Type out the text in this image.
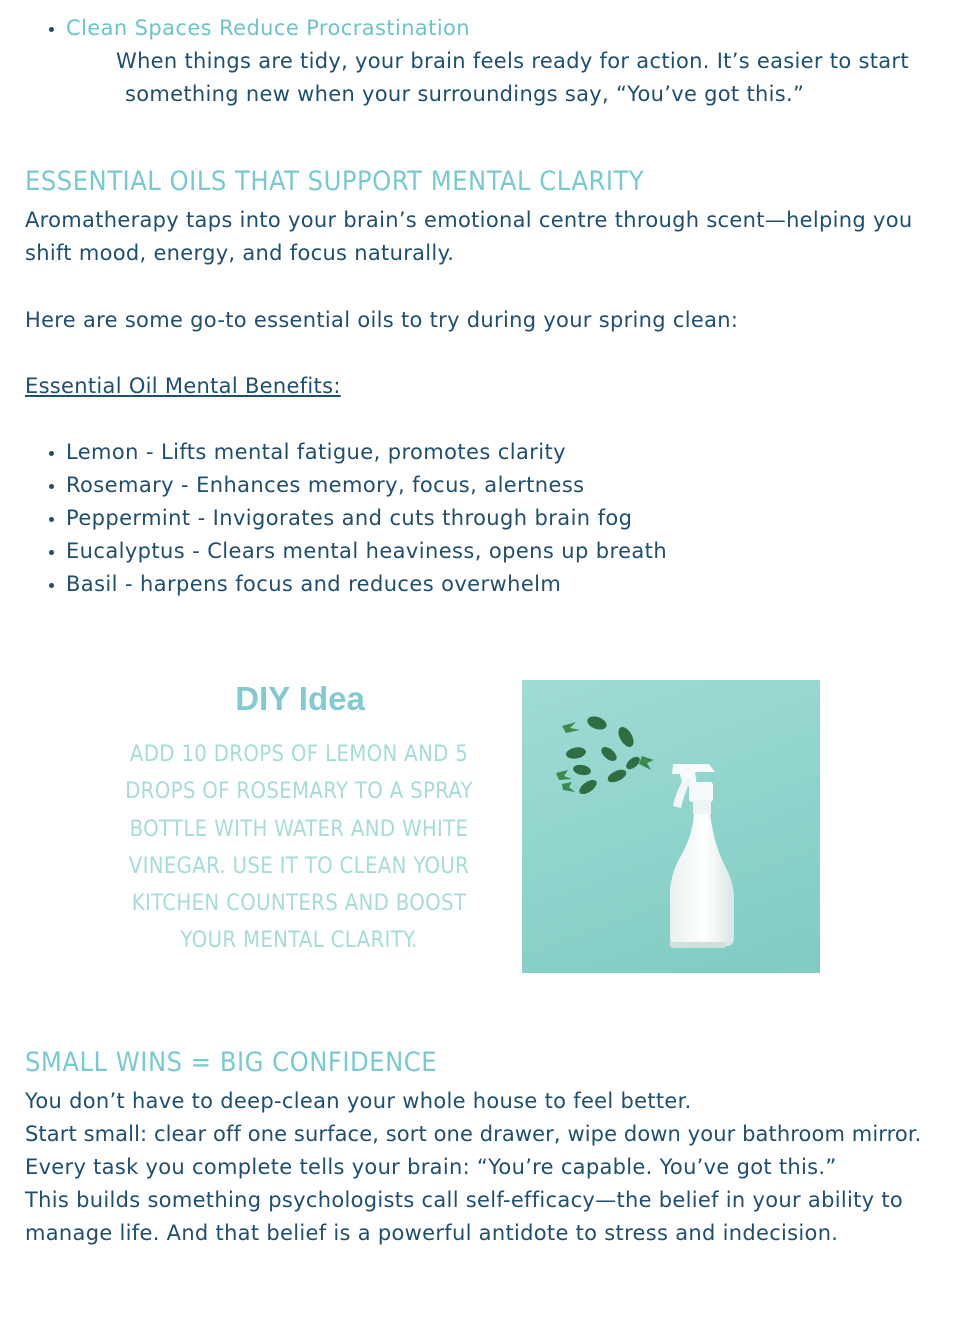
• Clean Spaces Reduce Procrastination
When things are tidy, your brain feels ready for action. It’s easier to start
something new when your surroundings say, “You’ve got this.”
ESSENTIAL OILS THAT SUPPORT MENTAL CLARITY

Aromatherapy taps into your brain’s emotional centre through scent—helping you shift mood, energy, and focus naturally.

Here are some go-to essential oils to try during your spring clean:

Essential Oil Mental Benefits:

• Lemon - Lifts mental fatigue, promotes clarity
• Rosemary - Enhances memory, focus, alertness
• Peppermint - Invigorates and cuts through brain fog
• Eucalyptus - Clears mental heaviness, opens up breath
• Basil - harpens focus and reduces overwhelm
DIY Idea

ADD 10 DROPS OF LEMON AND 5 DROPS OF ROSEMARY TO A SPRAY BOTTLE WITH WATER AND WHITE VINEGAR. USE IT TO CLEAN YOUR KITCHEN COUNTERS AND BOOST YOUR MENTAL CLARITY.

SMALL WINS = BIG CONFIDENCE
You don’t have to deep-clean your whole house to feel better.
Start small: clear off one surface, sort one drawer, wipe down your bathroom mirror.
Every task you complete tells your brain: “You’re capable. You’ve got this.”
This builds something psychologists call self-efficacy—the belief in your ability to
manage life. And that belief is a powerful antidote to stress and indecision.
